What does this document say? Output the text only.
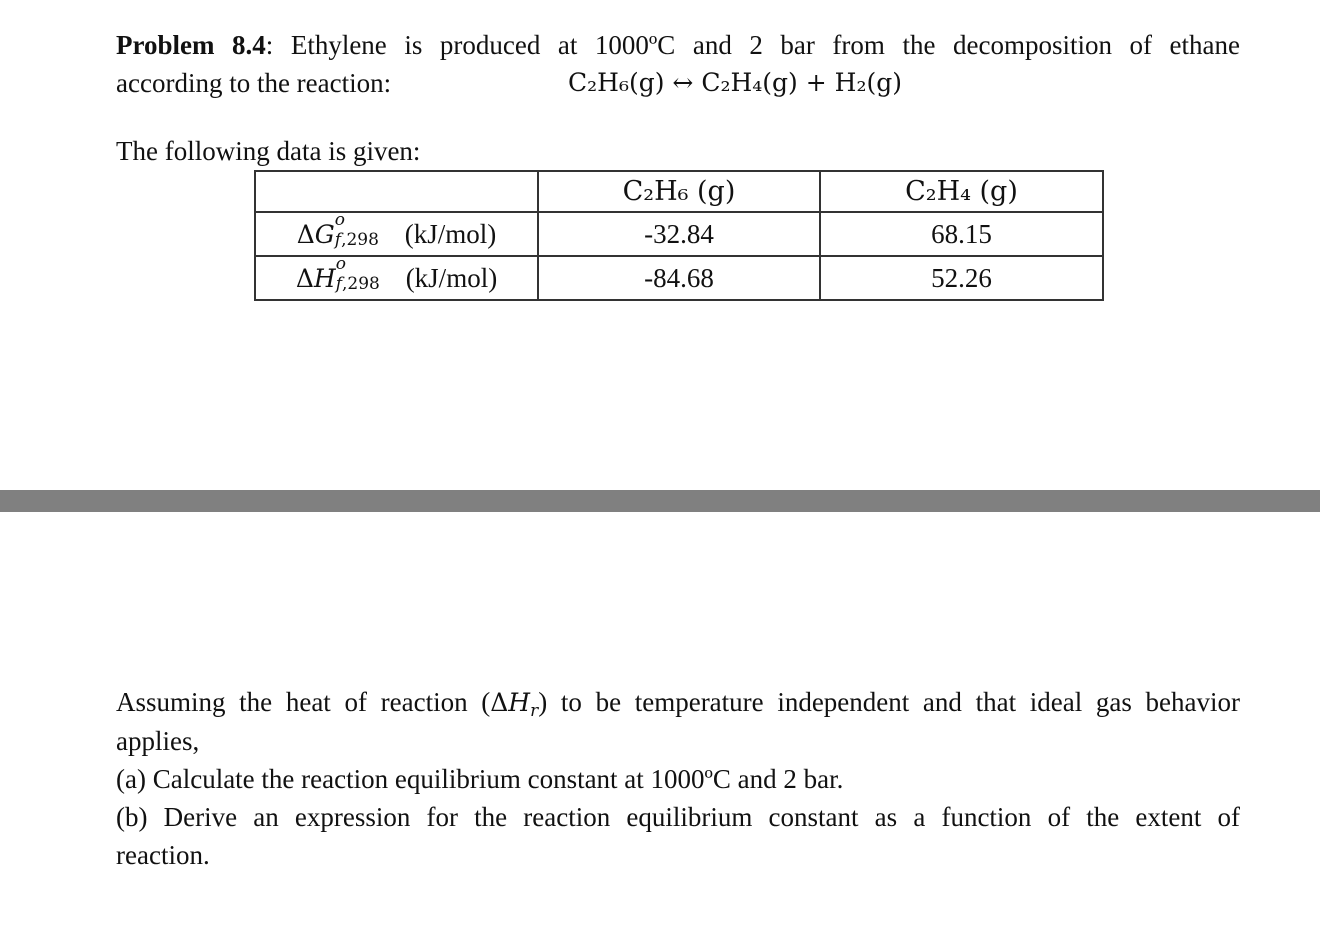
Problem 8.4: Ethylene is produced at 1000ºC and 2 bar from the decomposition of ethane
according to the reaction:	C₂H₆(g) ↔ C₂H₄(g) + H₂(g)
The following data is given:
	C₂H₆ (g)	C₂H₄ (g)
ΔG o
f,298 (kJ/mol)	-32.84	68.15
ΔH o
f,298 (kJ/mol)	-84.68	52.26
Assuming the heat of reaction $(\Delta H_r)$ to be temperature independent and that ideal gas behavior
applies,
(a) Calculate the reaction equilibrium constant at 1000ºC and 2 bar.
(b) Derive an expression for the reaction equilibrium constant as a function of the extent of
reaction.
